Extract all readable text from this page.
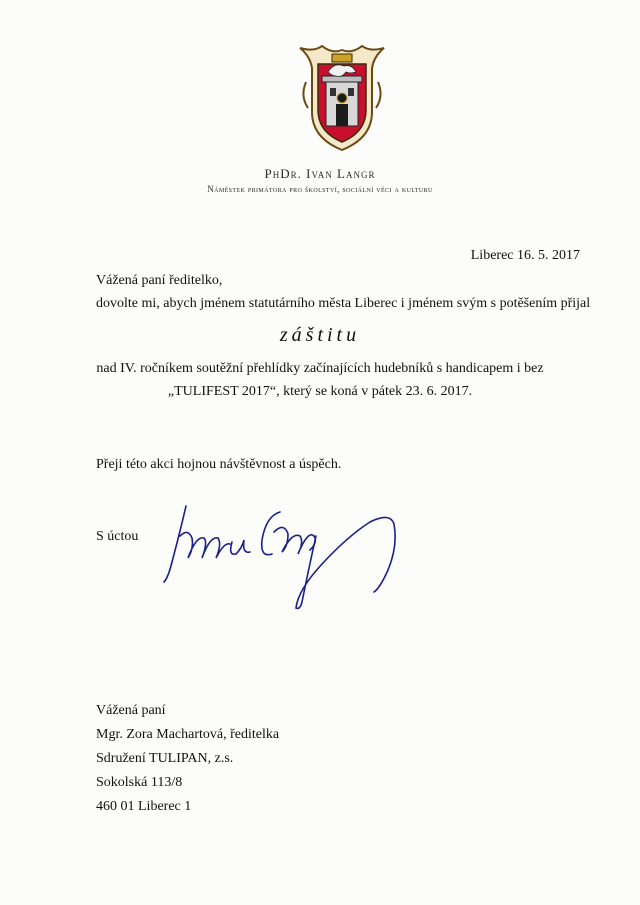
PhDr. Ivan Langr
Náměstek primátora pro školství, sociální věci a kulturu
Liberec 16. 5. 2017
Vážená paní ředitelko,
dovolte mi, abych jménem statutárního města Liberec i jménem svým s potěšením přijal
záštitu
nad IV. ročníkem soutěžní přehlídky začínajících hudebníků s handicapem i bez
„TULIFEST 2017“, který se koná v pátek 23. 6. 2017.
Přeji této akci hojnou návštěvnost a úspěch.
S úctou
Vážená paní
Mgr. Zora Machartová, ředitelka
Sdružení TULIPAN, z.s.
Sokolská 113/8
460 01 Liberec 1
